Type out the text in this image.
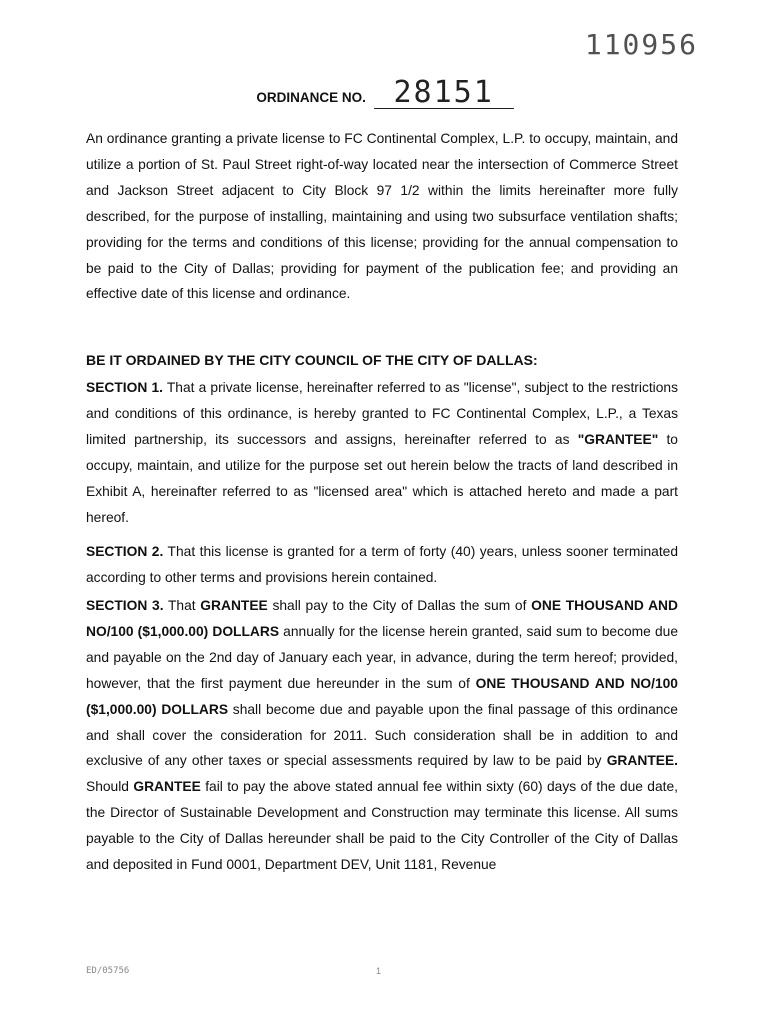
110956
ORDINANCE NO. 28151
An ordinance granting a private license to FC Continental Complex, L.P. to occupy, maintain, and utilize a portion of St. Paul Street right-of-way located near the intersection of Commerce Street and Jackson Street adjacent to City Block 97 1/2 within the limits hereinafter more fully described, for the purpose of installing, maintaining and using two subsurface ventilation shafts; providing for the terms and conditions of this license; providing for the annual compensation to be paid to the City of Dallas; providing for payment of the publication fee; and providing an effective date of this license and ordinance.
BE IT ORDAINED BY THE CITY COUNCIL OF THE CITY OF DALLAS:
SECTION 1. That a private license, hereinafter referred to as "license", subject to the restrictions and conditions of this ordinance, is hereby granted to FC Continental Complex, L.P., a Texas limited partnership, its successors and assigns, hereinafter referred to as "GRANTEE" to occupy, maintain, and utilize for the purpose set out herein below the tracts of land described in Exhibit A, hereinafter referred to as "licensed area" which is attached hereto and made a part hereof.
SECTION 2. That this license is granted for a term of forty (40) years, unless sooner terminated according to other terms and provisions herein contained.
SECTION 3. That GRANTEE shall pay to the City of Dallas the sum of ONE THOUSAND AND NO/100 ($1,000.00) DOLLARS annually for the license herein granted, said sum to become due and payable on the 2nd day of January each year, in advance, during the term hereof; provided, however, that the first payment due hereunder in the sum of ONE THOUSAND AND NO/100 ($1,000.00) DOLLARS shall become due and payable upon the final passage of this ordinance and shall cover the consideration for 2011. Such consideration shall be in addition to and exclusive of any other taxes or special assessments required by law to be paid by GRANTEE. Should GRANTEE fail to pay the above stated annual fee within sixty (60) days of the due date, the Director of Sustainable Development and Construction may terminate this license. All sums payable to the City of Dallas hereunder shall be paid to the City Controller of the City of Dallas and deposited in Fund 0001, Department DEV, Unit 1181, Revenue
ED/05756	1
